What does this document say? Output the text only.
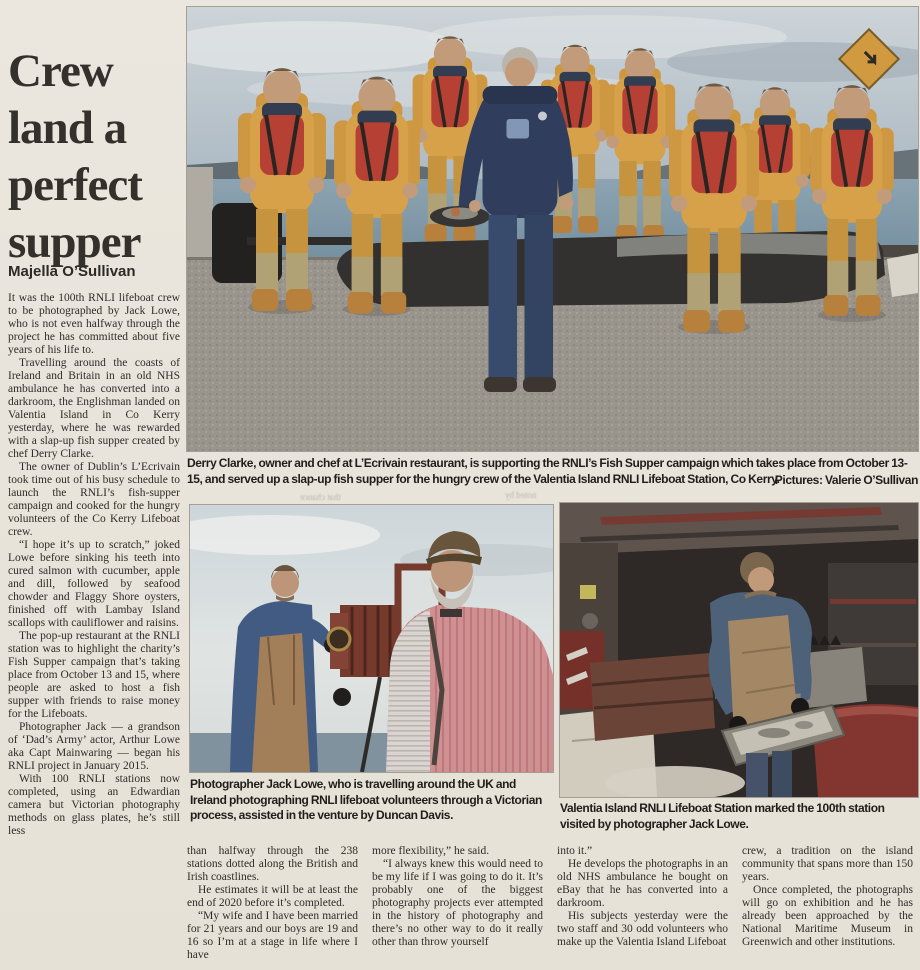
Crew land a perfect supper
Majella O’Sullivan

It was the 100th RNLI lifeboat crew to be photographed by Jack Lowe, who is not even halfway through the project he has committed about five years of his life to.

Travelling around the coasts of Ireland and Britain in an old NHS ambulance he has converted into a darkroom, the Englishman landed on Valentia Island in Co Kerry yesterday, where he was rewarded with a slap-up fish supper created by chef Derry Clarke.

The owner of Dublin’s L’Ecrivain took time out of his busy schedule to launch the RNLI’s fish-supper campaign and cooked for the hungry volunteers of the Co Kerry Lifeboat crew.

“I hope it’s up to scratch,” joked Lowe before sinking his teeth into cured salmon with cucumber, apple and dill, followed by seafood chowder and Flaggy Shore oysters, finished off with Lambay Island scallops with cauliflower and raisins.

The pop-up restaurant at the RNLI station was to highlight the charity’s Fish Supper campaign that’s taking place from October 13 and 15, where people are asked to host a fish supper with friends to raise money for the Lifeboats.

Photographer Jack — a grandson of ‘Dad’s Army’ actor, Arthur Lowe aka Capt Mainwaring — began his RNLI project in January 2015.

With 100 RNLI stations now completed, using an Edwardian camera but Victorian photography methods on glass plates, he’s still less

Derry Clarke, owner and chef at L’Ecrivain restaurant, is supporting the RNLI’s Fish Supper campaign which takes place from October 13-15, and served up a slap-up fish supper for the hungry crew of the Valentia Island RNLI Lifeboat Station, Co Kerry.
Pictures: Valerie O’Sullivan
that chance	noted by
Photographer Jack Lowe, who is travelling around the UK and Ireland photographing RNLI lifeboat volunteers through a Victorian process, assisted in the venture by Duncan Davis.	Valentia Island RNLI Lifeboat Station marked the 100th station visited by photographer Jack Lowe.

than halfway through the 238 stations dotted along the British and Irish coastlines.

He estimates it will be at least the end of 2020 before it’s completed.

“My wife and I have been married for 21 years and our boys are 19 and 16 so I’m at a stage in life where I have

more flexibility,” he said.

“I always knew this would need to be my life if I was going to do it. It’s probably one of the biggest photography projects ever attempted in the history of photography and there’s no other way to do it really other than throw yourself

into it.”

He develops the photographs in an old NHS ambulance he bought on eBay that he has converted into a darkroom.

His subjects yesterday were the two staff and 30 odd volunteers who make up the Valentia Island Lifeboat

crew, a tradition on the island community that spans more than 150 years.

Once completed, the photographs will go on exhibition and he has already been approached by the National Maritime Museum in Greenwich and other institutions.
